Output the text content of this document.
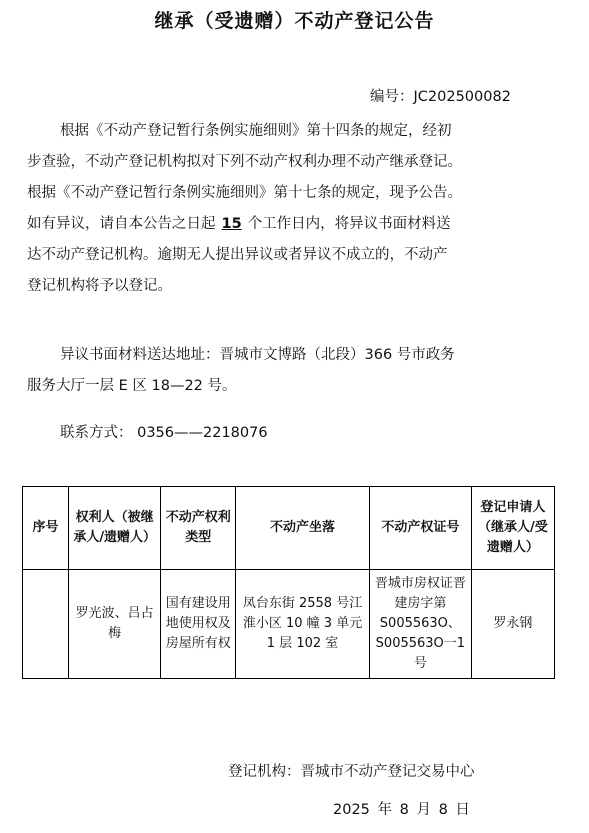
继承（受遗赠）不动产登记公告
编号：JC202500082
根据《不动产登记暂行条例实施细则》第十四条的规定，经初
步查验，不动产登记机构拟对下列不动产权利办理不动产继承登记。
根据《不动产登记暂行条例实施细则》第十七条的规定，现予公告。
如有异议，请自本公告之日起 15 个工作日内，将异议书面材料送
达不动产登记机构。逾期无人提出异议或者异议不成立的，不动产
登记机构将予以登记。
异议书面材料送达地址：晋城市文博路（北段）366 号市政务
服务大厅一层 E 区 18—22 号。
联系方式： 0356——2218076
序号	权利人（被继承人/遗赠人）	不动产权利类型	不动产坐落	不动产权证号	登记申请人（继承人/受遗赠人）
	罗光波、吕占梅	国有建设用地使用权及房屋所有权	凤台东街 2558 号江淮小区 10 幢 3 单元 1 层 102 室	晋城市房权证晋建房字第 S005563O、S005563O一1号	罗永钢
登记机构：晋城市不动产登记交易中心
2025 年 8 月 8 日
